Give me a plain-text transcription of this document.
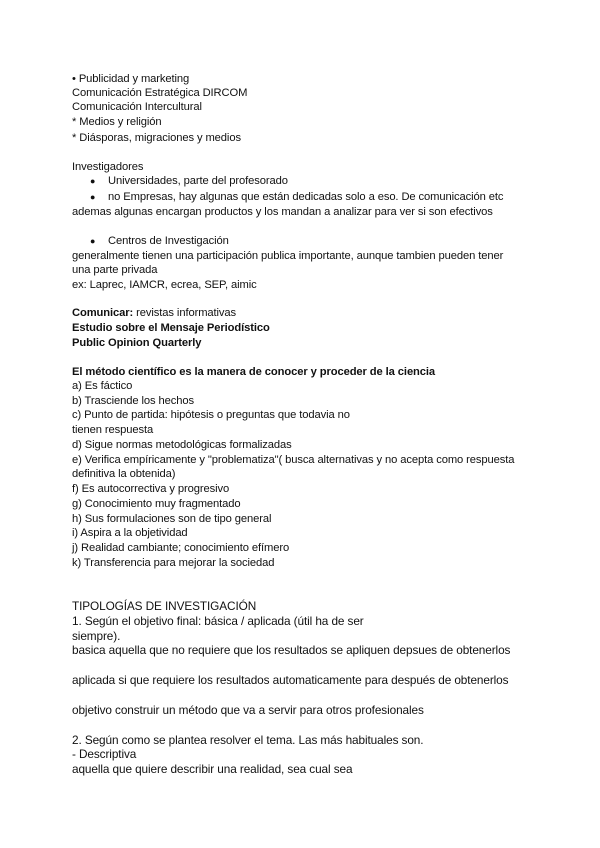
• Publicidad y marketing
Comunicación Estratégica DIRCOM
Comunicación Intercultural
* Medios y religión
* Diásporas, migraciones y medios
Investigadores
● Universidades, parte del profesorado
● no Empresas, hay algunas que están dedicadas solo a eso. De comunicación etc
ademas algunas encargan productos y los mandan a analizar para ver si son efectivos
● Centros de Investigación
generalmente tienen una participación publica importante, aunque tambien pueden tener
una parte privada
ex: Laprec, IAMCR, ecrea, SEP, aimic
Comunicar: revistas informativas
Estudio sobre el Mensaje Periodístico
Public Opinion Quarterly
El método científico es la manera de conocer y proceder de la ciencia
a) Es fáctico
b) Trasciende los hechos
c) Punto de partida: hipótesis o preguntas que todavia no
tienen respuesta
d) Sigue normas metodológicas formalizadas
e) Verifica empíricamente y "problematiza"( busca alternativas y no acepta como respuesta
definitiva la obtenida)
f) Es autocorrectiva y progresivo
g) Conocimiento muy fragmentado
h) Sus formulaciones son de tipo general
i) Aspira a la objetividad
j) Realidad cambiante; conocimiento efímero
k) Transferencia para mejorar la sociedad
TIPOLOGÍAS DE INVESTIGACIÓN
1. Según el objetivo final: básica / aplicada (útil ha de ser
siempre).
basica aquella que no requiere que los resultados se apliquen depsues de obtenerlos
aplicada si que requiere los resultados automaticamente para después de obtenerlos
objetivo construir un método que va a servir para otros profesionales
2. Según como se plantea resolver el tema. Las más habituales son.
- Descriptiva
aquella que quiere describir una realidad, sea cual sea
